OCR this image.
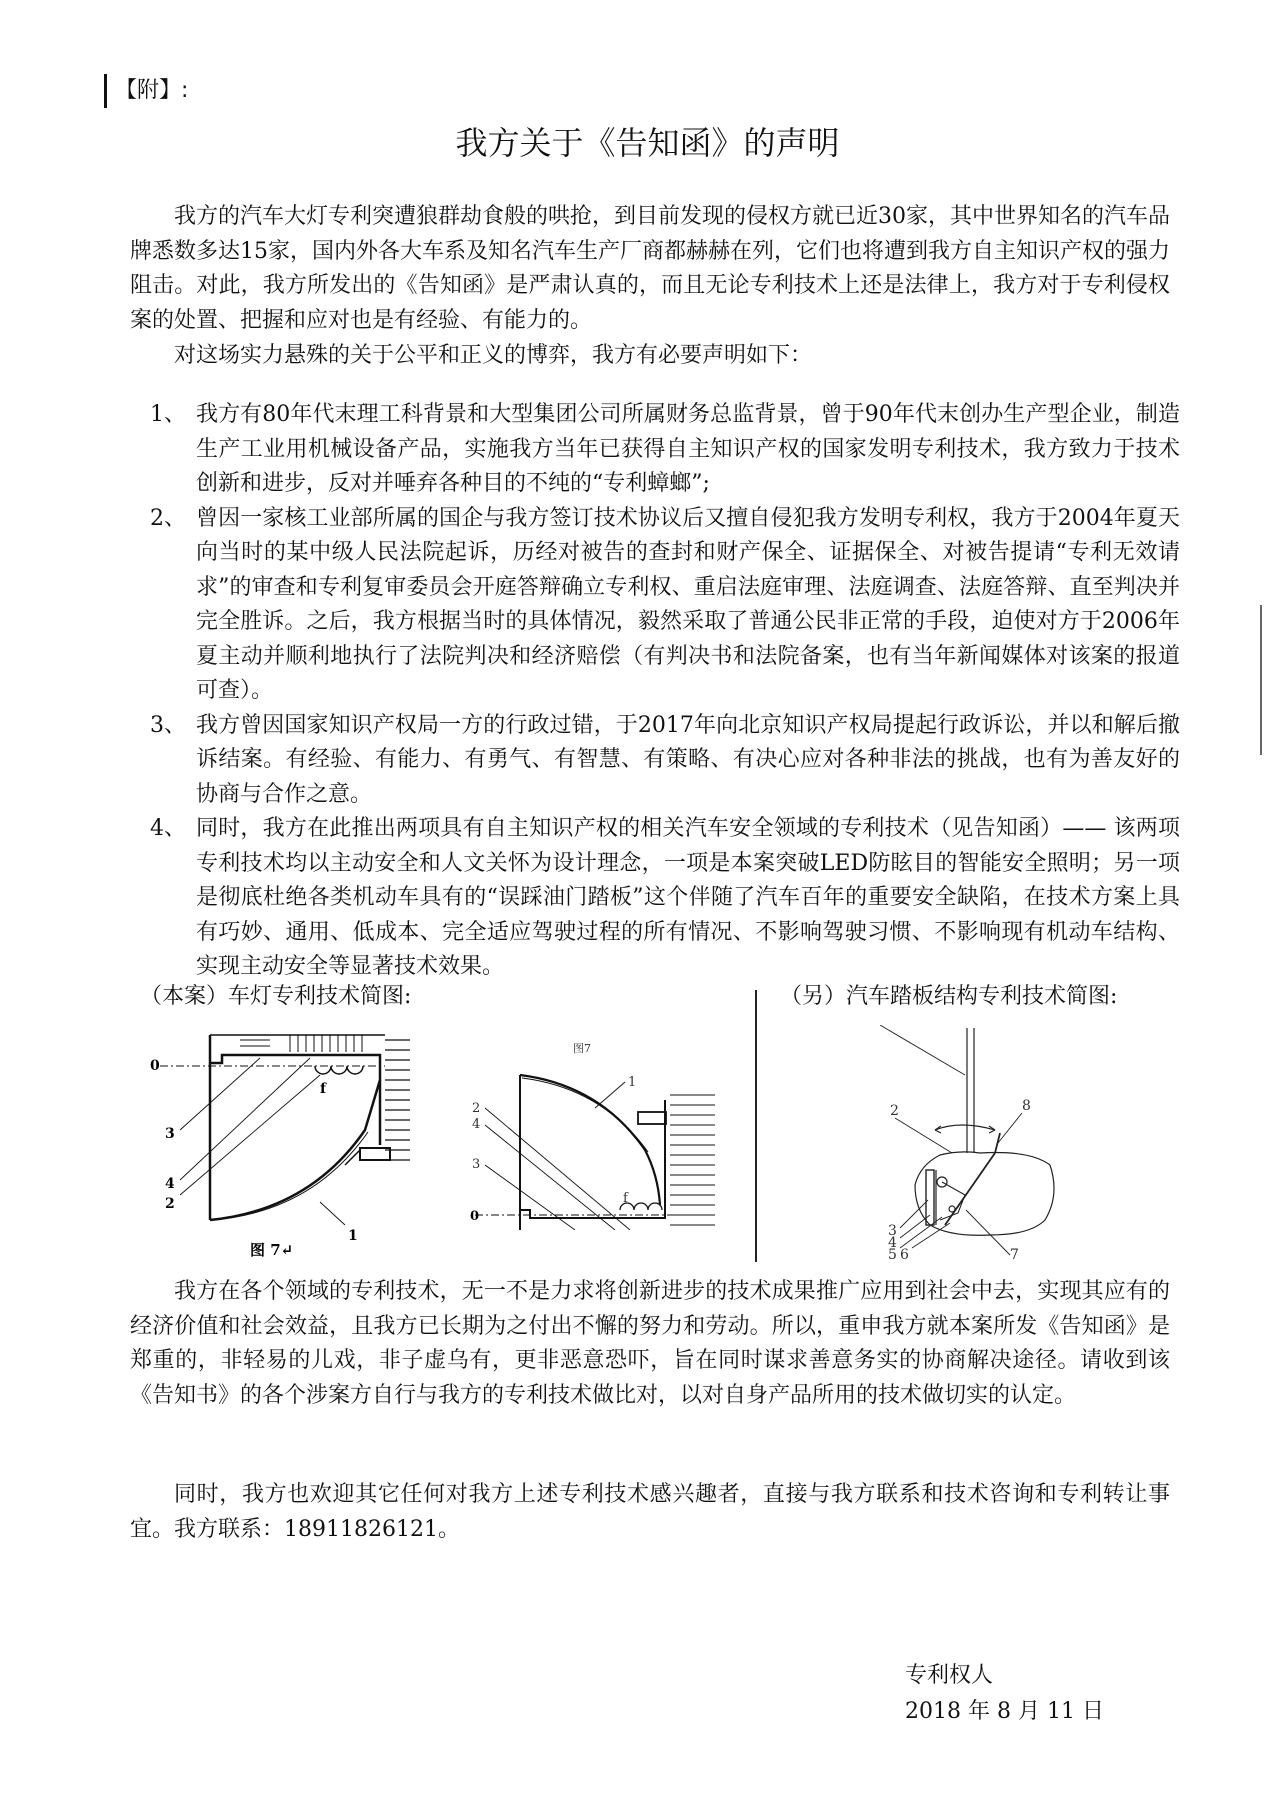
【附】:
我方关于《告知函》的声明
我方的汽车大灯专利突遭狼群劫食般的哄抢，到目前发现的侵权方就已近30家，其中世界知名的汽车品牌悉数多达15家，国内外各大车系及知名汽车生产厂商都赫赫在列，它们也将遭到我方自主知识产权的强力阻击。对此，我方所发出的《告知函》是严肃认真的，而且无论专利技术上还是法律上，我方对于专利侵权案的处置、把握和应对也是有经验、有能力的。
对这场实力悬殊的关于公平和正义的博弈，我方有必要声明如下：
1、 我方有80年代末理工科背景和大型集团公司所属财务总监背景，曾于90年代末创办生产型企业，制造生产工业用机械设备产品，实施我方当年已获得自主知识产权的国家发明专利技术，我方致力于技术创新和进步，反对并唾弃各种目的不纯的“专利蟑螂”;
2、 曾因一家核工业部所属的国企与我方签订技术协议后又擅自侵犯我方发明专利权，我方于2004年夏天向当时的某中级人民法院起诉，历经对被告的查封和财产保全、证据保全、对被告提请“专利无效请求”的审查和专利复审委员会开庭答辩确立专利权、重启法庭审理、法庭调查、法庭答辩、直至判决并完全胜诉。之后，我方根据当时的具体情况，毅然采取了普通公民非正常的手段，迫使对方于2006年夏主动并顺利地执行了法院判决和经济赔偿（有判决书和法院备案，也有当年新闻媒体对该案的报道可查）。
3、 我方曾因国家知识产权局一方的行政过错，于2017年向北京知识产权局提起行政诉讼，并以和解后撤诉结案。有经验、有能力、有勇气、有智慧、有策略、有决心应对各种非法的挑战，也有为善友好的协商与合作之意。
4、 同时，我方在此推出两项具有自主知识产权的相关汽车安全领域的专利技术（见告知函）—— 该两项专利技术均以主动安全和人文关怀为设计理念，一项是本案突破LED防眩目的智能安全照明；另一项是彻底杜绝各类机动车具有的“误踩油门踏板”这个伴随了汽车百年的重要安全缺陷，在技术方案上具有巧妙、通用、低成本、完全适应驾驶过程的所有情况、不影响驾驶习惯、不影响现有机动车结构、实现主动安全等显著技术效果。
（本案）车灯专利技术简图:	（另）汽车踏板结构专利技术简图:
0
3
4
2
f
1
图 7↵
图7
2
4
3
0
f
1
2	8
3
4
5 6	7
我方在各个领域的专利技术，无一不是力求将创新进步的技术成果推广应用到社会中去，实现其应有的经济价值和社会效益，且我方已长期为之付出不懈的努力和劳动。所以，重申我方就本案所发《告知函》是郑重的，非轻易的儿戏，非子虚乌有，更非恶意恐吓，旨在同时谋求善意务实的协商解决途径。请收到该《告知书》的各个涉案方自行与我方的专利技术做比对，以对自身产品所用的技术做切实的认定。
同时，我方也欢迎其它任何对我方上述专利技术感兴趣者，直接与我方联系和技术咨询和专利转让事宜。我方联系：18911826121。
专利权人
2018 年 8 月 11 日
